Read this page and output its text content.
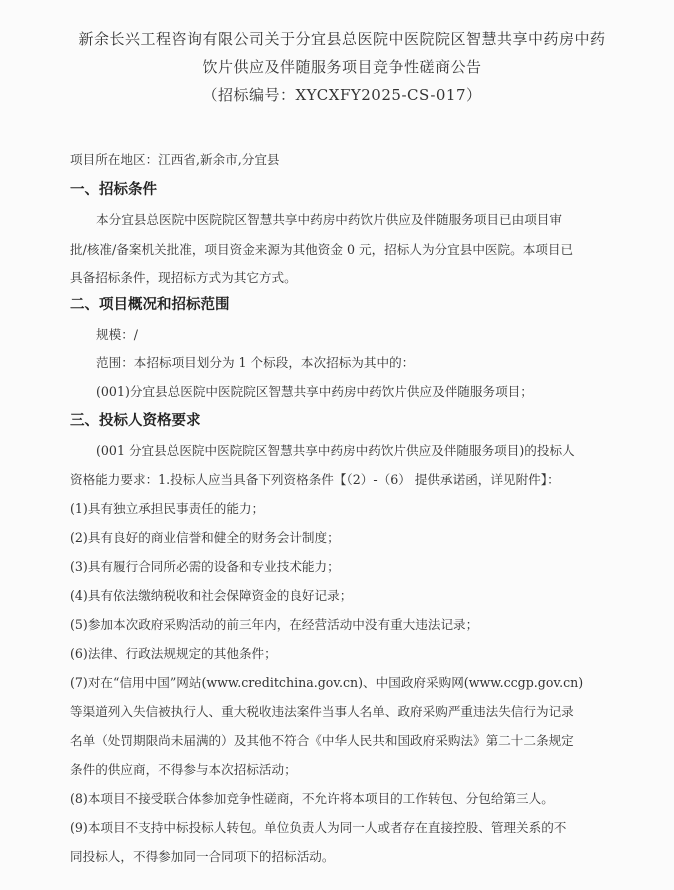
新余长兴工程咨询有限公司关于分宜县总医院中医院院区智慧共享中药房中药
饮片供应及伴随服务项目竞争性磋商公告
（招标编号：XYCXFY2025-CS-017）
项目所在地区：江西省,新余市,分宜县
一、招标条件
本分宜县总医院中医院院区智慧共享中药房中药饮片供应及伴随服务项目已由项目审
批/核准/备案机关批准，项目资金来源为其他资金 0 元，招标人为分宜县中医院。本项目已
具备招标条件，现招标方式为其它方式。
二、项目概况和招标范围
规模：/
范围：本招标项目划分为 1 个标段，本次招标为其中的：
(001)分宜县总医院中医院院区智慧共享中药房中药饮片供应及伴随服务项目；
三、投标人资格要求
(001 分宜县总医院中医院院区智慧共享中药房中药饮片供应及伴随服务项目)的投标人
资格能力要求：1.投标人应当具备下列资格条件【（2）-（6） 提供承诺函，详见附件】：
(1)具有独立承担民事责任的能力；
(2)具有良好的商业信誉和健全的财务会计制度；
(3)具有履行合同所必需的设备和专业技术能力；
(4)具有依法缴纳税收和社会保障资金的良好记录；
(5)参加本次政府采购活动的前三年内，在经营活动中没有重大违法记录；
(6)法律、行政法规规定的其他条件；
(7)对在“信用中国”网站(www.creditchina.gov.cn)、中国政府采购网(www.ccgp.gov.cn)
等渠道列入失信被执行人、重大税收违法案件当事人名单、政府采购严重违法失信行为记录
名单（处罚期限尚未届满的）及其他不符合《中华人民共和国政府采购法》第二十二条规定
条件的供应商，不得参与本次招标活动；
(8)本项目不接受联合体参加竞争性磋商，不允许将本项目的工作转包、分包给第三人。
(9)本项目不支持中标投标人转包。单位负责人为同一人或者存在直接控股、管理关系的不
同投标人，不得参加同一合同项下的招标活动。
